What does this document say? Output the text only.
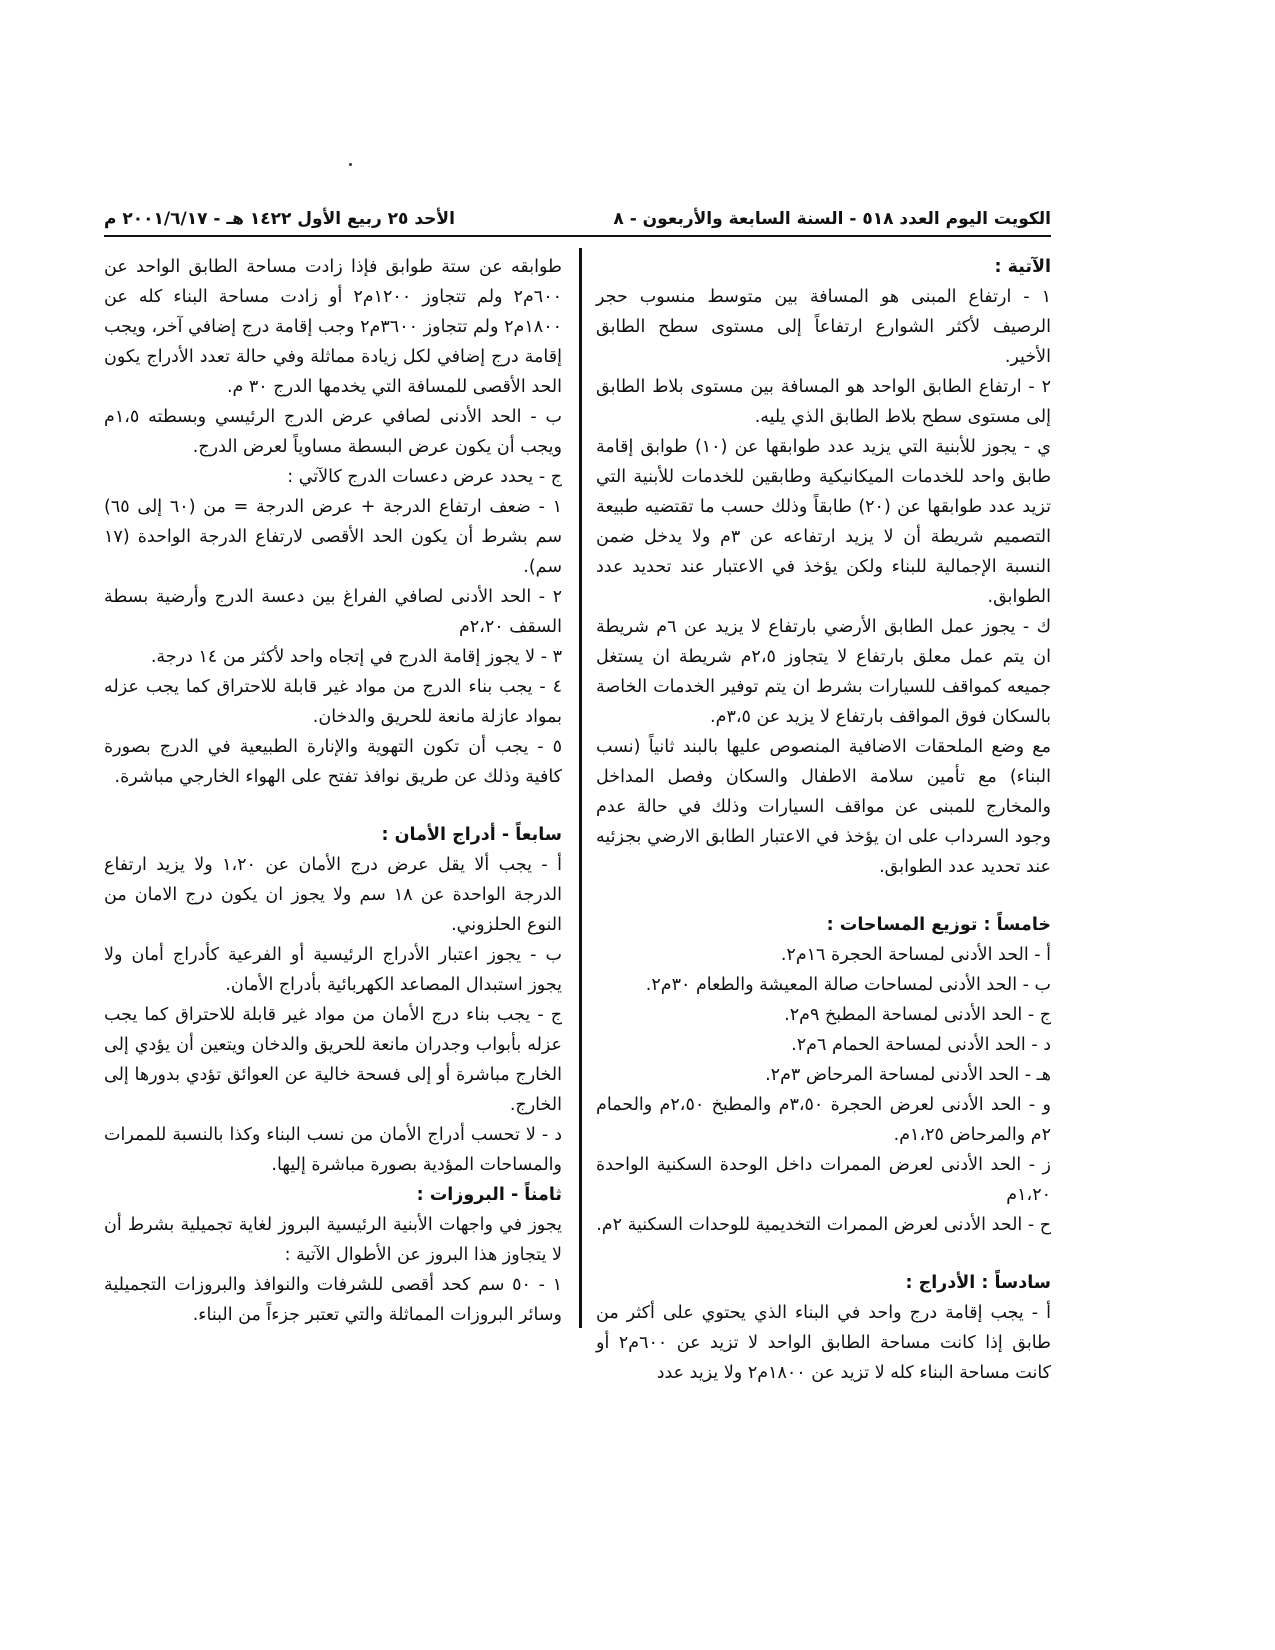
الكويت اليوم العدد ٥١٨ - السنة السابعة والأربعون - ٨
الأحد ٢٥ ربيع الأول ١٤٢٢ هـ - ٢٠٠١/٦/١٧ م

الآتية :

١ - ارتفاع المبنى هو المسافة بين متوسط منسوب حجر الرصيف لأكثر الشوارع ارتفاعاً إلى مستوى سطح الطابق الأخير.

٢ - ارتفاع الطابق الواحد هو المسافة بين مستوى بلاط الطابق إلى مستوى سطح بلاط الطابق الذي يليه.

ي - يجوز للأبنية التي يزيد عدد طوابقها عن (١٠) طوابق إقامة طابق واحد للخدمات الميكانيكية وطابقين للخدمات للأبنية التي تزيد عدد طوابقها عن (٢٠) طابقاً وذلك حسب ما تقتضيه طبيعة التصميم شريطة أن لا يزيد ارتفاعه عن ٣م ولا يدخل ضمن النسبة الإجمالية للبناء ولكن يؤخذ في الاعتبار عند تحديد عدد الطوابق.

ك - يجوز عمل الطابق الأرضي بارتفاع لا يزيد عن ٦م شريطة ان يتم عمل معلق بارتفاع لا يتجاوز ٢،٥م شريطة ان يستغل جميعه كمواقف للسيارات بشرط ان يتم توفير الخدمات الخاصة بالسكان فوق المواقف بارتفاع لا يزيد عن ٣،٥م.

مع وضع الملحقات الاضافية المنصوص عليها بالبند ثانياً (نسب البناء) مع تأمين سلامة الاطفال والسكان وفصل المداخل والمخارج للمبنى عن مواقف السيارات وذلك في حالة عدم وجود السرداب على ان يؤخذ في الاعتبار الطابق الارضي بجزئيه عند تحديد عدد الطوابق.

خامساً : توزيع المساحات :

أ - الحد الأدنى لمساحة الحجرة ١٦م٢.

ب - الحد الأدنى لمساحات صالة المعيشة والطعام ٣٠م٢.

ج - الحد الأدنى لمساحة المطبخ ٩م٢.

د - الحد الأدنى لمساحة الحمام ٦م٢.

هـ - الحد الأدنى لمساحة المرحاض ٣م٢.

و - الحد الأدنى لعرض الحجرة ٣،٥٠م والمطبخ ٢،٥٠م والحمام ٢م والمرحاض ١،٢٥م.

ز - الحد الأدنى لعرض الممرات داخل الوحدة السكنية الواحدة ١،٢٠م

ح - الحد الأدنى لعرض الممرات التخديمية للوحدات السكنية ٢م.

سادساً : الأدراج :

أ - يجب إقامة درج واحد في البناء الذي يحتوي على أكثر من طابق إذا كانت مساحة الطابق الواحد لا تزيد عن ٦٠٠م٢ أو كانت مساحة البناء كله لا تزيد عن ١٨٠٠م٢ ولا يزيد عدد

طوابقه عن ستة طوابق فإذا زادت مساحة الطابق الواحد عن ٦٠٠م٢ ولم تتجاوز ١٢٠٠م٢ أو زادت مساحة البناء كله عن ١٨٠٠م٢ ولم تتجاوز ٣٦٠٠م٢ وجب إقامة درج إضافي آخر، ويجب إقامة درج إضافي لكل زيادة مماثلة وفي حالة تعدد الأدراج يكون الحد الأقصى للمسافة التي يخدمها الدرج ٣٠ م.

ب - الحد الأدنى لصافي عرض الدرج الرئيسي وبسطته ١،٥م ويجب أن يكون عرض البسطة مساوياً لعرض الدرج.

ج - يحدد عرض دعسات الدرج كالآتي :

١ - ضعف ارتفاع الدرجة + عرض الدرجة = من (٦٠ إلى ٦٥) سم بشرط أن يكون الحد الأقصى لارتفاع الدرجة الواحدة (١٧ سم).

٢ - الحد الأدنى لصافي الفراغ بين دعسة الدرج وأرضية بسطة السقف ٢،٢٠م

٣ - لا يجوز إقامة الدرج في إتجاه واحد لأكثر من ١٤ درجة.

٤ - يجب بناء الدرج من مواد غير قابلة للاحتراق كما يجب عزله بمواد عازلة مانعة للحريق والدخان.

٥ - يجب أن تكون التهوية والإنارة الطبيعية في الدرج بصورة كافية وذلك عن طريق نوافذ تفتح على الهواء الخارجي مباشرة.

سابعاً - أدراج الأمان :

أ - يجب ألا يقل عرض درج الأمان عن ١،٢٠ ولا يزيد ارتفاع الدرجة الواحدة عن ١٨ سم ولا يجوز ان يكون درج الامان من النوع الحلزوني.

ب - يجوز اعتبار الأدراج الرئيسية أو الفرعية كأدراج أمان ولا يجوز استبدال المصاعد الكهربائية بأدراج الأمان.

ج - يجب بناء درج الأمان من مواد غير قابلة للاحتراق كما يجب عزله بأبواب وجدران مانعة للحريق والدخان ويتعين أن يؤدي إلى الخارج مباشرة أو إلى فسحة خالية عن العوائق تؤدي بدورها إلى الخارج.

د - لا تحسب أدراج الأمان من نسب البناء وكذا بالنسبة للممرات والمساحات المؤدية بصورة مباشرة إليها.

ثامناً - البروزات :

يجوز في واجهات الأبنية الرئيسية البروز لغاية تجميلية بشرط أن لا يتجاوز هذا البروز عن الأطوال الآتية :

١ - ٥٠ سم كحد أقصى للشرفات والنوافذ والبروزات التجميلية وسائر البروزات المماثلة والتي تعتبر جزءاً من البناء.
